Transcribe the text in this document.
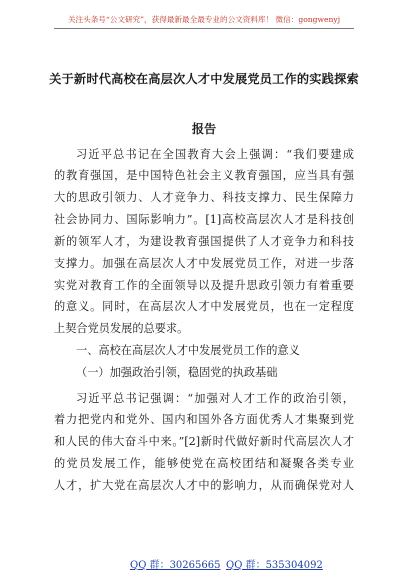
关注头条号“公文研究”，获得最新最全最专业的公文资料库！ 微信：gongwenyj
关于新时代高校在高层次人才中发展党员工作的实践探索
报告
习近平总书记在全国教育大会上强调：“我们要建成
的教育强国，是中国特色社会主义教育强国，应当具有强
大的思政引领力、人才竞争力、科技支撑力、民生保障力
社会协同力、国际影响力”。[1]高校高层次人才是科技创
新的领军人才，为建设教育强国提供了人才竞争力和科技
支撑力。加强在高层次人才中发展党员工作，对进一步落
实党对教育工作的全面领导以及提升思政引领力有着重要
的意义。同时，在高层次人才中发展党员，也在一定程度
上契合党员发展的总要求。
一、高校在高层次人才中发展党员工作的意义
（一）加强政治引领，稳固党的执政基础
习近平总书记强调：“加强对人才工作的政治引领，
着力把党内和党外、国内和国外各方面优秀人才集聚到党
和人民的伟大奋斗中来。”[2]新时代做好新时代高层次人才
的党员发展工作，能够使党在高校团结和凝聚各类专业
人才，扩大党在高层次人才中的影响力，从而确保党对人
QQ 群：30265665 QQ 群：535304092
